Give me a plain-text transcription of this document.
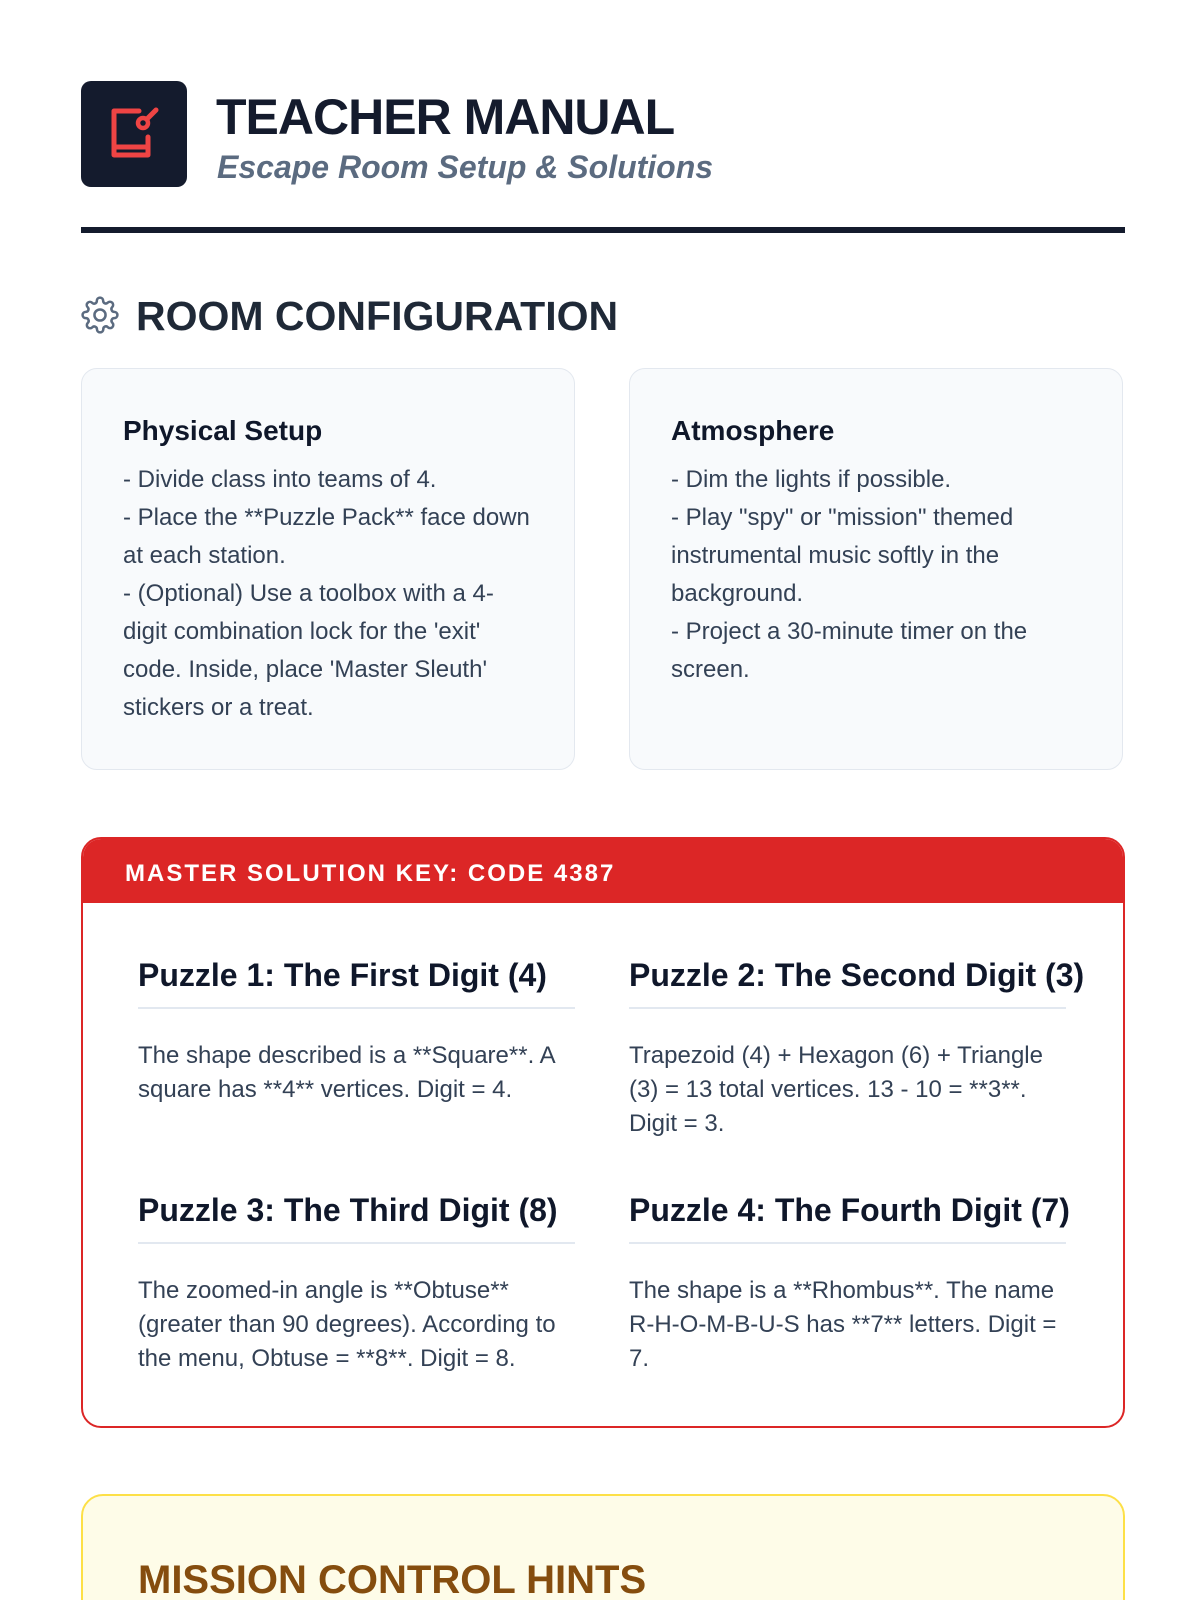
TEACHER MANUAL
Escape Room Setup & Solutions
ROOM CONFIGURATION
Physical Setup
- Divide class into teams of 4.
- Place the **Puzzle Pack** face down
at each station.
- (Optional) Use a toolbox with a 4-
digit combination lock for the 'exit'
code. Inside, place 'Master Sleuth'
stickers or a treat.
Atmosphere
- Dim the lights if possible.
- Play "spy" or "mission" themed
instrumental music softly in the
background.
- Project a 30-minute timer on the
screen.
MASTER SOLUTION KEY: CODE 4387
Puzzle 1: The First Digit (4)
The shape described is a **Square**. A square has **4** vertices. Digit = 4.
Puzzle 2: The Second Digit (3)
Trapezoid (4) + Hexagon (6) + Triangle (3) = 13 total vertices. 13 - 10 = **3**. Digit = 3.
Puzzle 3: The Third Digit (8)
The zoomed-in angle is **Obtuse** (greater than 90 degrees). According to the menu, Obtuse = **8**. Digit = 8.
Puzzle 4: The Fourth Digit (7)
The shape is a **Rhombus**. The name R-H-O-M-B-U-S has **7** letters. Digit = 7.
MISSION CONTROL HINTS
